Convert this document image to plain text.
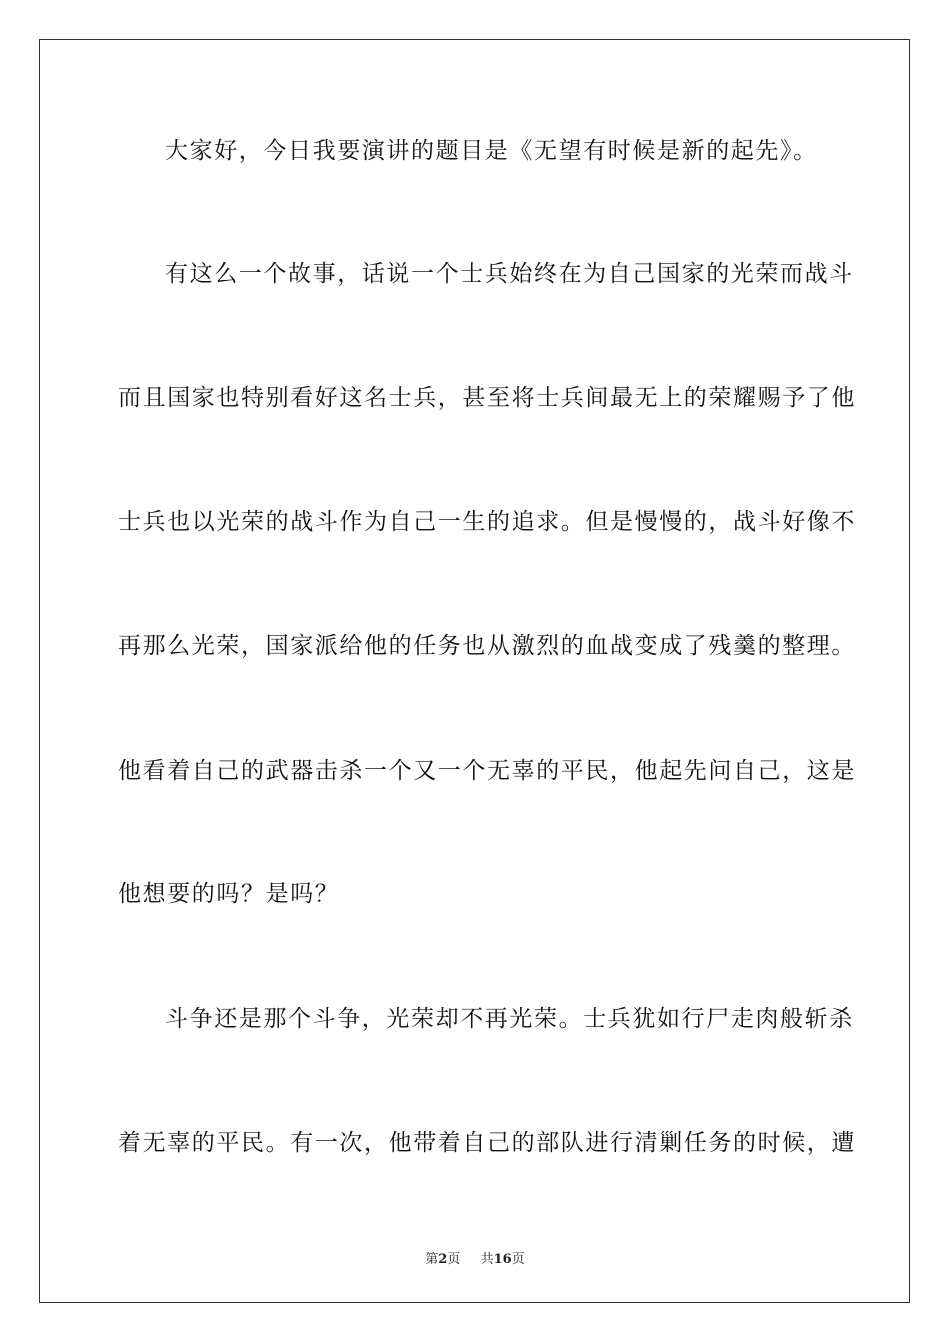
大家好，今日我要演讲的题目是《无望有时候是新的起先》。
有这么一个故事，话说一个士兵始终在为自己国家的光荣而战斗
而且国家也特别看好这名士兵，甚至将士兵间最无上的荣耀赐予了他
士兵也以光荣的战斗作为自己一生的追求。但是慢慢的，战斗好像不
再那么光荣，国家派给他的任务也从激烈的血战变成了残羹的整理。
他看着自己的武器击杀一个又一个无辜的平民，他起先问自己，这是
他想要的吗？是吗？
斗争还是那个斗争，光荣却不再光荣。士兵犹如行尸走肉般斩杀
着无辜的平民。有一次，他带着自己的部队进行清剿任务的时候，遭
第2页 共16页
